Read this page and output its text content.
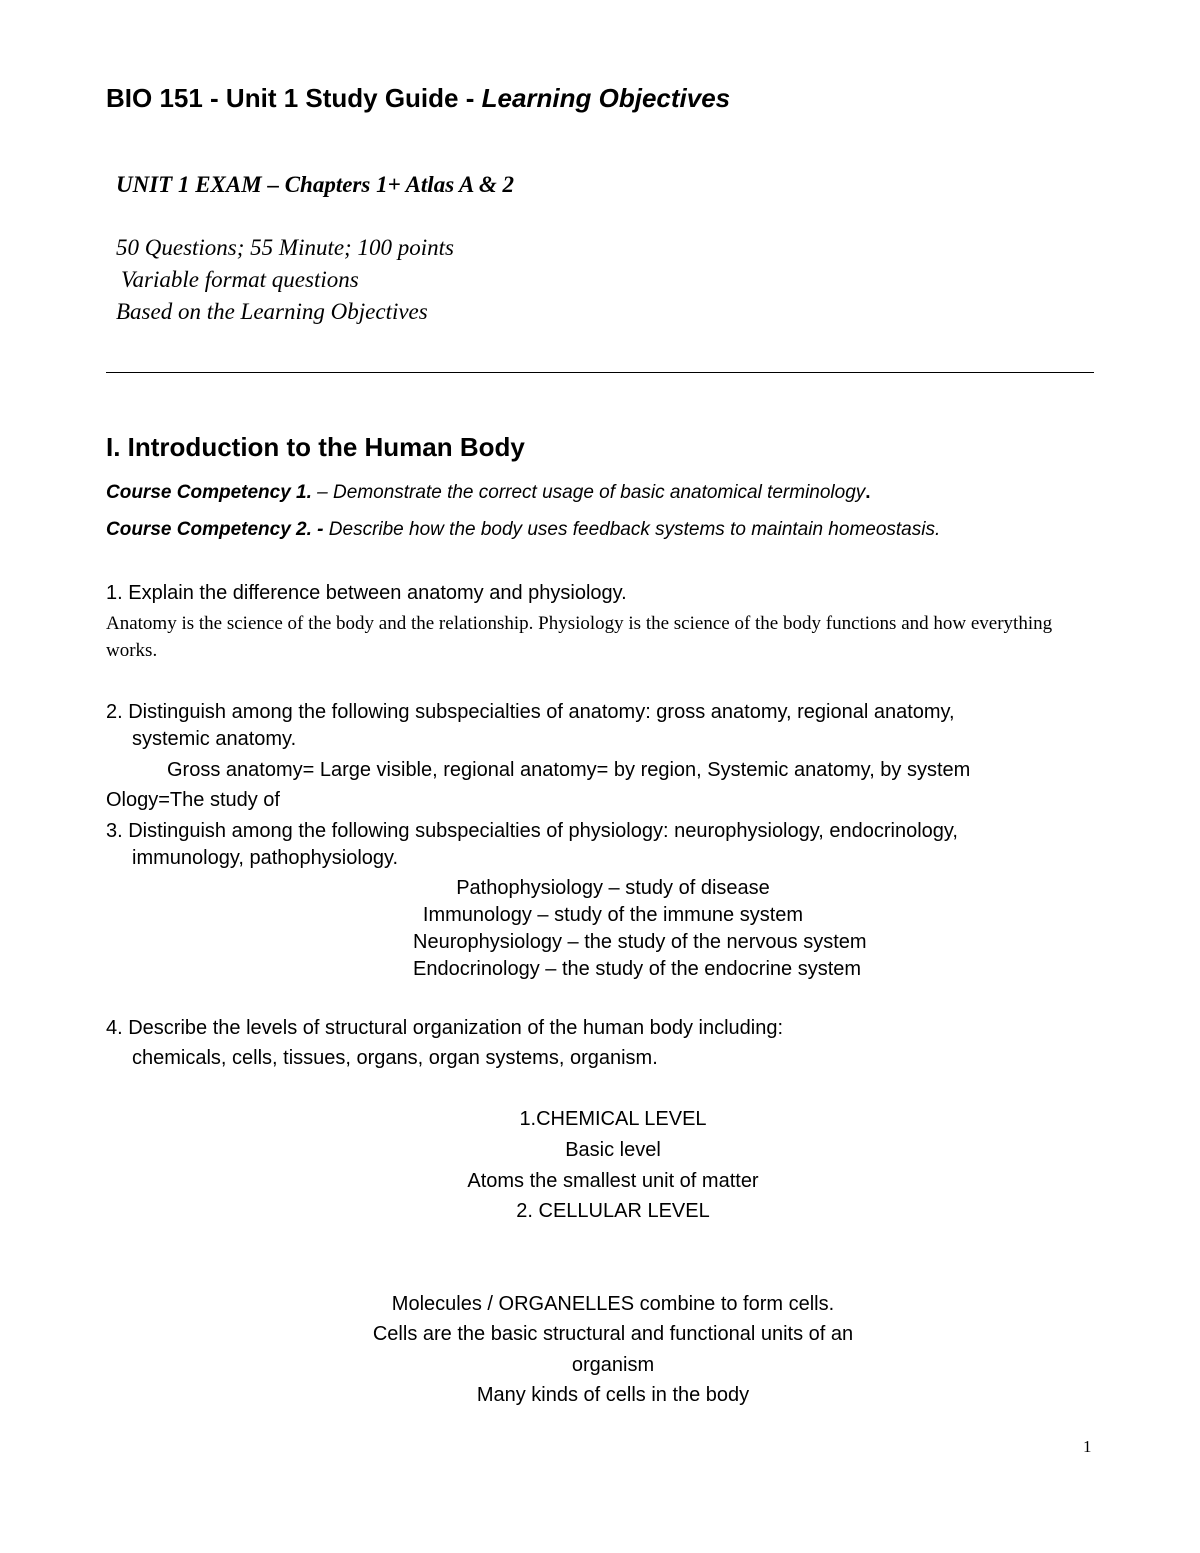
BIO 151 - Unit 1 Study Guide - Learning Objectives
UNIT 1 EXAM – Chapters 1+ Atlas A & 2
50 Questions; 55 Minute; 100 points
Variable format questions
Based on the Learning Objectives
I. Introduction to the Human Body
Course Competency 1. – Demonstrate the correct usage of basic anatomical terminology.
Course Competency 2. - Describe how the body uses feedback systems to maintain homeostasis.
1. Explain the difference between anatomy and physiology.
Anatomy is the science of the body and the relationship. Physiology is the science of the body functions and how everything works.
2. Distinguish among the following subspecialties of anatomy: gross anatomy, regional anatomy,
systemic anatomy.
Gross anatomy= Large visible, regional anatomy= by region, Systemic anatomy, by system
Ology=The study of
3. Distinguish among the following subspecialties of physiology: neurophysiology, endocrinology,
immunology, pathophysiology.
Pathophysiology – study of disease
Immunology – study of the immune system
Neurophysiology – the study of the nervous system
Endocrinology – the study of the endocrine system
4. Describe the levels of structural organization of the human body including:
chemicals, cells, tissues, organs, organ systems, organism.
1.CHEMICAL LEVEL
Basic level
Atoms the smallest unit of matter
2. CELLULAR LEVEL
Molecules / ORGANELLES combine to form cells.
Cells are the basic structural and functional units of an
organism
Many kinds of cells in the body
1
